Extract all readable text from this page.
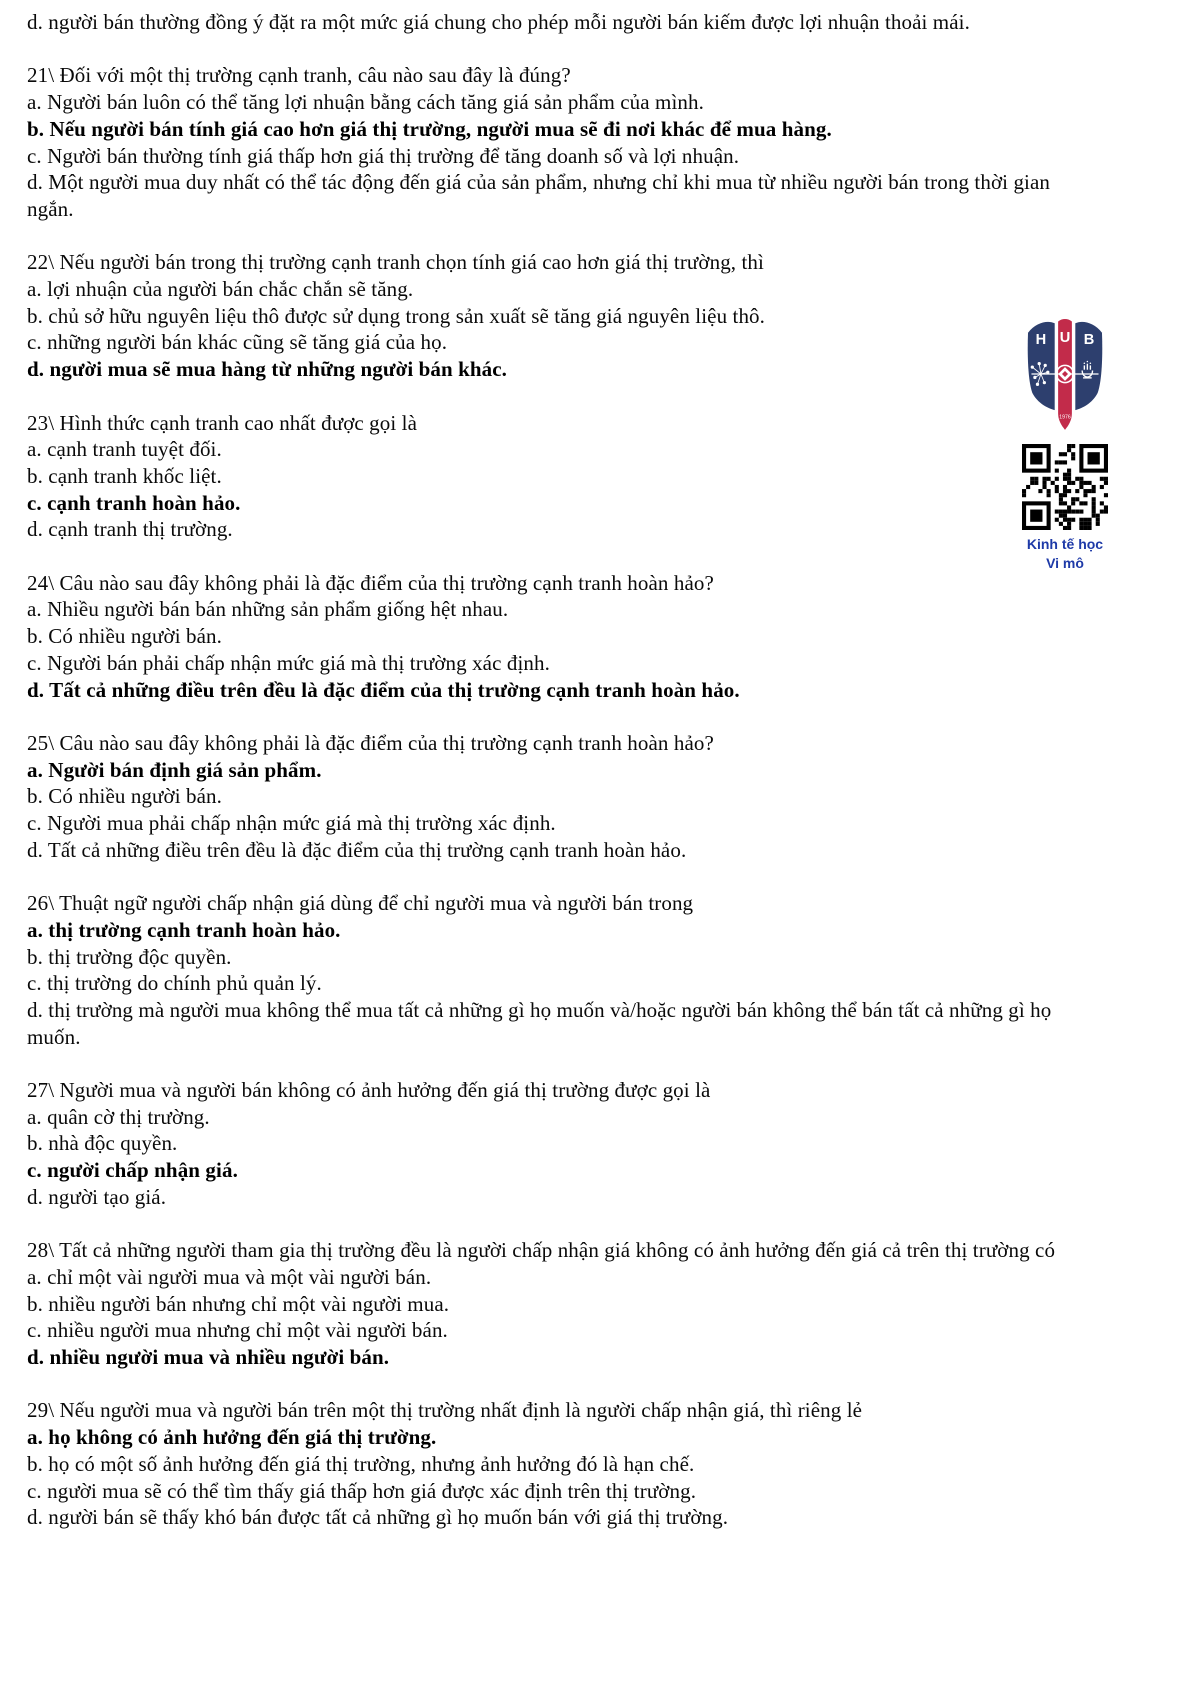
d. người bán thường đồng ý đặt ra một mức giá chung cho phép mỗi người bán kiếm được lợi nhuận thoải mái.

21\ Đối với một thị trường cạnh tranh, câu nào sau đây là đúng?

a. Người bán luôn có thể tăng lợi nhuận bằng cách tăng giá sản phẩm của mình.

b. Nếu người bán tính giá cao hơn giá thị trường, người mua sẽ đi nơi khác để mua hàng.

c. Người bán thường tính giá thấp hơn giá thị trường để tăng doanh số và lợi nhuận.

d. Một người mua duy nhất có thể tác động đến giá của sản phẩm, nhưng chỉ khi mua từ nhiều người bán trong thời gian ngắn.

22\ Nếu người bán trong thị trường cạnh tranh chọn tính giá cao hơn giá thị trường, thì

a. lợi nhuận của người bán chắc chắn sẽ tăng.

b. chủ sở hữu nguyên liệu thô được sử dụng trong sản xuất sẽ tăng giá nguyên liệu thô.

c. những người bán khác cũng sẽ tăng giá của họ.

d. người mua sẽ mua hàng từ những người bán khác.

23\ Hình thức cạnh tranh cao nhất được gọi là

a. cạnh tranh tuyệt đối.

b. cạnh tranh khốc liệt.

c. cạnh tranh hoàn hảo.

d. cạnh tranh thị trường.

24\ Câu nào sau đây không phải là đặc điểm của thị trường cạnh tranh hoàn hảo?

a. Nhiều người bán bán những sản phẩm giống hệt nhau.

b. Có nhiều người bán.

c. Người bán phải chấp nhận mức giá mà thị trường xác định.

d. Tất cả những điều trên đều là đặc điểm của thị trường cạnh tranh hoàn hảo.

25\ Câu nào sau đây không phải là đặc điểm của thị trường cạnh tranh hoàn hảo?

a. Người bán định giá sản phẩm.

b. Có nhiều người bán.

c. Người mua phải chấp nhận mức giá mà thị trường xác định.

d. Tất cả những điều trên đều là đặc điểm của thị trường cạnh tranh hoàn hảo.

26\ Thuật ngữ người chấp nhận giá dùng để chỉ người mua và người bán trong

a. thị trường cạnh tranh hoàn hảo.

b. thị trường độc quyền.

c. thị trường do chính phủ quản lý.

d. thị trường mà người mua không thể mua tất cả những gì họ muốn và/hoặc người bán không thể bán tất cả những gì họ muốn.

27\ Người mua và người bán không có ảnh hưởng đến giá thị trường được gọi là

a. quân cờ thị trường.

b. nhà độc quyền.

c. người chấp nhận giá.

d. người tạo giá.

28\ Tất cả những người tham gia thị trường đều là người chấp nhận giá không có ảnh hưởng đến giá cả trên thị trường có

a. chỉ một vài người mua và một vài người bán.

b. nhiều người bán nhưng chỉ một vài người mua.

c. nhiều người mua nhưng chỉ một vài người bán.

d. nhiều người mua và nhiều người bán.

29\ Nếu người mua và người bán trên một thị trường nhất định là người chấp nhận giá, thì riêng lẻ

a. họ không có ảnh hưởng đến giá thị trường.

b. họ có một số ảnh hưởng đến giá thị trường, nhưng ảnh hưởng đó là hạn chế.

c. người mua sẽ có thể tìm thấy giá thấp hơn giá được xác định trên thị trường.

d. người bán sẽ thấy khó bán được tất cả những gì họ muốn bán với giá thị trường.

H U B
1976
Kinh tế học
Vi mô
